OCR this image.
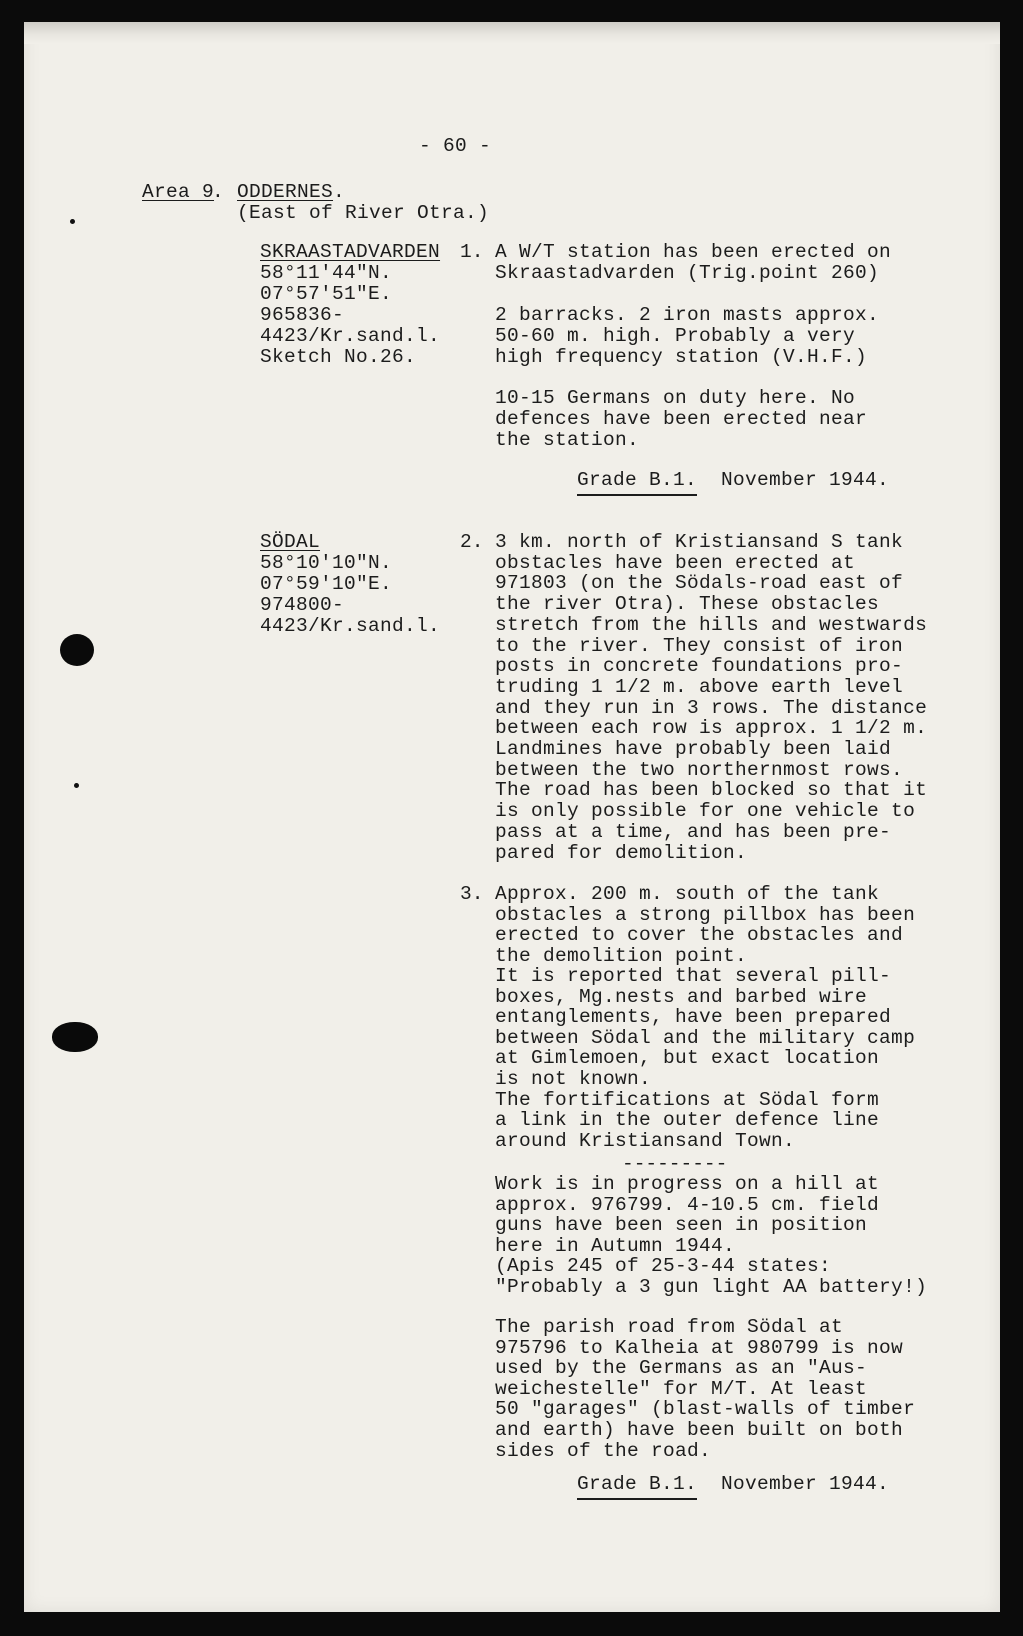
- 60 -
Area 9
. ODDERNES .
(East of River Otra.)
SKRAASTADVARDEN
58°11'44"N.
07°57'51"E.
965836-
4423/Kr.sand.l.
Sketch No.26.
1. A W/T station has been erected on
Skraastadvarden (Trig.point 260)
2 barracks. 2 iron masts approx.
50-60 m. high. Probably a very
high frequency station (V.H.F.)
10-15 Germans on duty here. No
defences have been erected near
the station.
Grade B.1. November 1944.
SÖDAL
58°10'10"N.
07°59'10"E.
974800-
4423/Kr.sand.l.
2. 3 km. north of Kristiansand S tank
obstacles have been erected at
971803 (on the Södals-road east of
the river Otra). These obstacles
stretch from the hills and westwards
to the river. They consist of iron
posts in concrete foundations pro-
truding 1 1/2 m. above earth level
and they run in 3 rows. The distance
between each row is approx. 1 1/2 m.
Landmines have probably been laid
between the two northernmost rows.
The road has been blocked so that it
is only possible for one vehicle to
pass at a time, and has been pre-
pared for demolition.
3. Approx. 200 m. south of the tank
obstacles a strong pillbox has been
erected to cover the obstacles and
the demolition point.
It is reported that several pill-
boxes, Mg.nests and barbed wire
entanglements, have been prepared
between Södal and the military camp
at Gimlemoen, but exact location
is not known.
The fortifications at Södal form
a link in the outer defence line
around Kristiansand Town.
---------
Work is in progress on a hill at
approx. 976799. 4-10.5 cm. field
guns have been seen in position
here in Autumn 1944.
(Apis 245 of 25-3-44 states:
"Probably a 3 gun light AA battery!)
The parish road from Södal at
975796 to Kalheia at 980799 is now
used by the Germans as an "Aus-
weichestelle" for M/T. At least
50 "garages" (blast-walls of timber
and earth) have been built on both
sides of the road.
Grade B.1. November 1944.
